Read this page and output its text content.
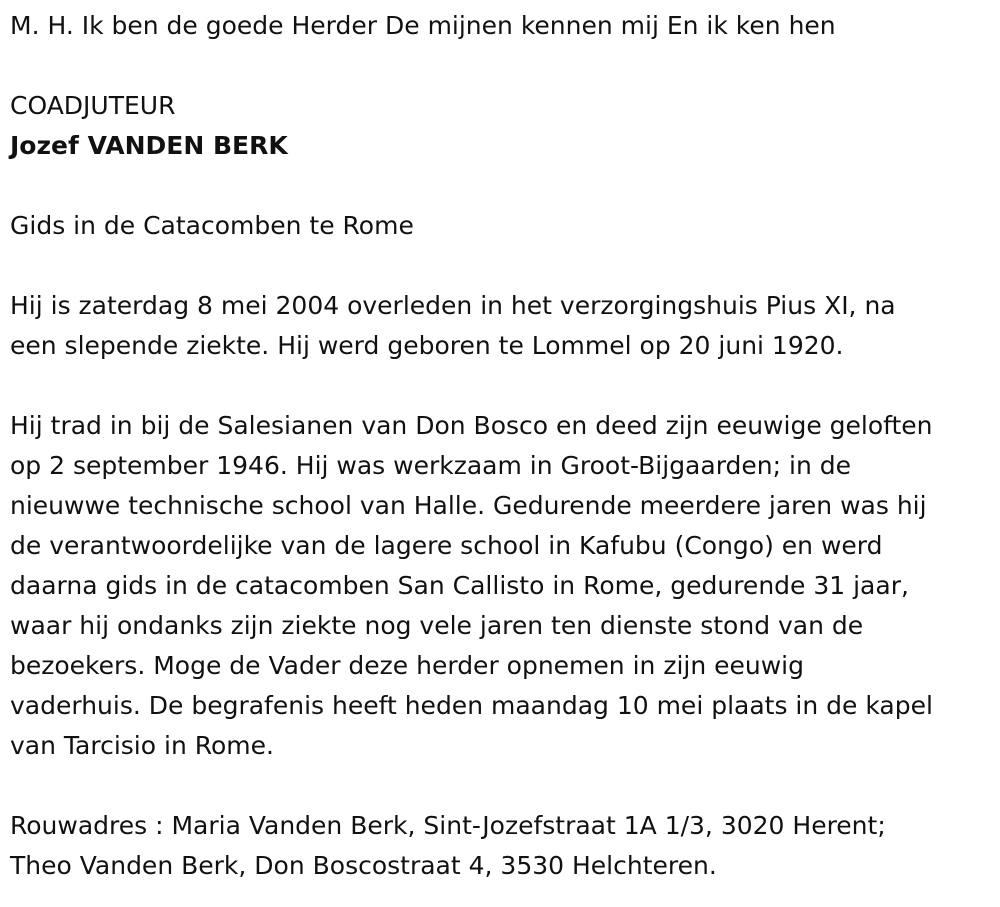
M. H. Ik ben de goede Herder De mijnen kennen mij En ik ken hen

COADJUTEUR

Jozef VANDEN BERK

Gids in de Catacomben te Rome

Hij is zaterdag 8 mei 2004 overleden in het verzorgingshuis Pius XI, na

een slepende ziekte. Hij werd geboren te Lommel op 20 juni 1920.

Hij trad in bij de Salesianen van Don Bosco en deed zijn eeuwige geloften

op 2 september 1946. Hij was werkzaam in Groot-Bijgaarden; in de

nieuwwe technische school van Halle. Gedurende meerdere jaren was hij

de verantwoordelijke van de lagere school in Kafubu (Congo) en werd

daarna gids in de catacomben San Callisto in Rome, gedurende 31 jaar,

waar hij ondanks zijn ziekte nog vele jaren ten dienste stond van de

bezoekers. Moge de Vader deze herder opnemen in zijn eeuwig

vaderhuis. De begrafenis heeft heden maandag 10 mei plaats in de kapel

van Tarcisio in Rome.

Rouwadres : Maria Vanden Berk, Sint-Jozefstraat 1A 1/3, 3020 Herent;

Theo Vanden Berk, Don Boscostraat 4, 3530 Helchteren.
